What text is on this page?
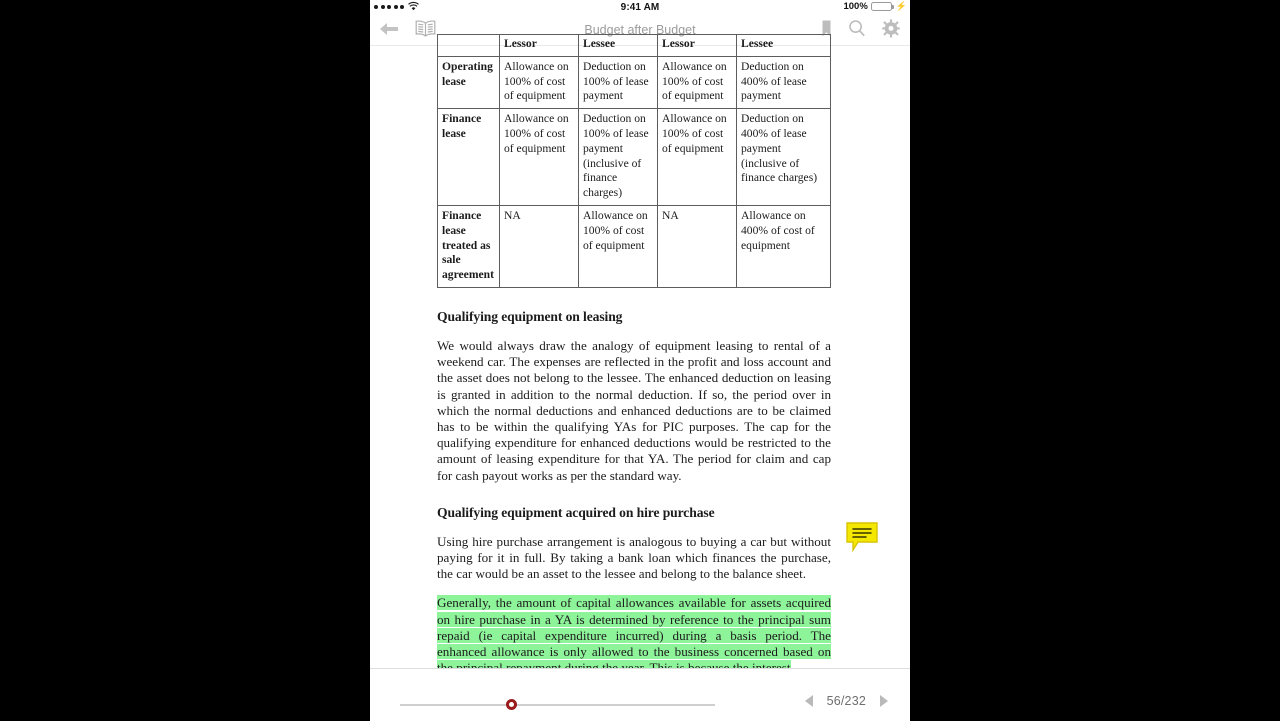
9:41 AM	100%	⚡
Budget after Budget
	Lessor	Lessee	Lessor	Lessee
Operating lease	Allowance on 100% of cost of equipment	Deduction on 100% of lease payment	Allowance on 100% of cost of equipment	Deduction on 400% of lease payment
Finance lease	Allowance on 100% of cost of equipment	Deduction on 100% of lease payment (inclusive of finance charges)	Allowance on 100% of cost of equipment	Deduction on 400% of lease payment (inclusive of finance charges)
Finance lease treated as sale agreement	NA	Allowance on 100% of cost of equipment	NA	Allowance on 400% of cost of equipment
Qualifying equipment on leasing

We would always draw the analogy of equipment leasing to rental of a weekend car. The expenses are reflected in the profit and loss account and the asset does not belong to the lessee. The enhanced deduction on leasing is granted in addition to the normal deduction. If so, the period over in which the normal deductions and enhanced deductions are to be claimed has to be within the qualifying YAs for PIC purposes. The cap for the qualifying expenditure for enhanced deductions would be restricted to the amount of leasing expenditure for that YA. The period for claim and cap for cash payout works as per the standard way.

Qualifying equipment acquired on hire purchase

Using hire purchase arrangement is analogous to buying a car but without paying for it in full. By taking a bank loan which finances the purchase, the car would be an asset to the lessee and belong to the balance sheet.

Generally, the amount of capital allowances available for assets acquired on hire purchase in a YA is determined by reference to the principal sum repaid (ie capital expenditure incurred) during a basis period. The enhanced allowance is only allowed to the business concerned based on

56/232
